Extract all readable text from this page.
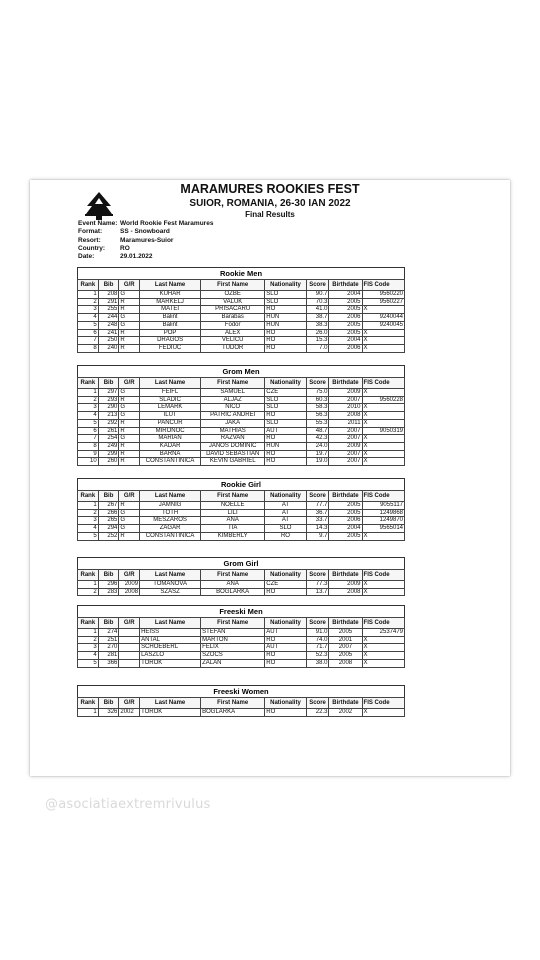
MARAMURES ROOKIES FEST
SUIOR, ROMANIA, 26-30 IAN 2022
Final Results
Event Name: World Rookie Fest Maramures
Format:	SS - Snowboard
Resort:	Maramures-Suior
Country:	RO
Date:	29.01.2022
Rookie Men
Rank	Bib	G/R	Last Name	First Name	Nationality	Score	Birthdate	FIS Code
1	208	G	KUHAR	OZBE	SLO	90.7	2004	9560220
2	291	R	MARKELJ	VALUK	SLO	70.3	2005	9560227
3	255	R	MATEI	PRISACARU	RO	41.0	2005	X
4	244	G	Balint	Barabas	HUN	38.7	2006	9240044
5	248	G	Balint	Fodor	HUN	38.3	2005	9240045
6	241	R	POP	ALEX	RO	26.0	2005	X
7	250	R	DRAGOS	VELICU	RO	15.3	2004	X
8	240	R	FEDIUC	TUDOR	RO	7.0	2006	X
Grom Men
Rank	Bib	G/R	Last Name	First Name	Nationality	Score	Birthdate	FIS Code
1	297	G	FEIFL	SAMUEL	CZE	75.0	2009	X
2	293	R	SLADIC	ALJAZ	SLO	60.3	2007	9560228
3	290	G	LEMARK	NICO	SLO	58.3	2010	X
4	213	G	ILUT	PATRIC ANDREI	RO	56.3	2008	X
5	292	R	PANCUR	JAKA	SLO	55.3	2011	X
6	261	R	MIRONOC	MATHIAS	AUT	48.7	2007	9050319
7	254	G	MARIAN	RAZVAN	RO	42.3	2007	X
8	249	R	KADAR	JANOS DOMINIC	HUN	24.0	2009	X
9	299	R	BARNA	DAVID SEBASTIAN	RO	19.7	2007	X
10	260	R	CONSTANTINICA	KEVIN GABRIEL	RO	19.0	2007	X
Rookie Girl
Rank	Bib	G/R	Last Name	First Name	Nationality	Score	Birthdate	FIS Code
1	267	R	JAMNIG	NOELLE	AT	77.7	2005	9055117
2	266	G	TOTH	LILI	AT	36.7	2005	1249868
3	265	G	MESZAROS	ANA	AT	33.7	2006	1249870
4	294	G	ZAGAR	TIA	SLO	14.3	2004	9565014
5	252	R	CONSTANTINICA	KIMBERLY	RO	9.7	2005	X
Grom Girl
Rank	Bib	G/R	Last Name	First Name	Nationality	Score	Birthdate	FIS Code
1	296	2009	TOMANOVA	ANA	CZE	77.3	2009	X
2	283	2008	SZASZ	BOGLARKA	RO	13.7	2008	X
Freeski Men
Rank	Bib	G/R	Last Name	First Name	Nationality	Score	Birthdate	FIS Code
1	274		HEISS	STEFAN	AUT	91.0	2005	2537479
2	251		ANTAL	MARTON	RO	74.0	2001	X
3	270		SCHOEBERL	FELIX	AUT	71.7	2007	X
4	281		LASZLO	SZOCS	RO	52.3	2005	X
5	366		TOROK	ZALAN	RO	38.0	2008	X
Freeski Women
Rank	Bib	G/R	Last Name	First Name	Nationality	Score	Birthdate	FIS Code
1	326	2002	TOROK	BOGLARKA	RO	22.3	2002	X
@asociatiaextremrivulus
